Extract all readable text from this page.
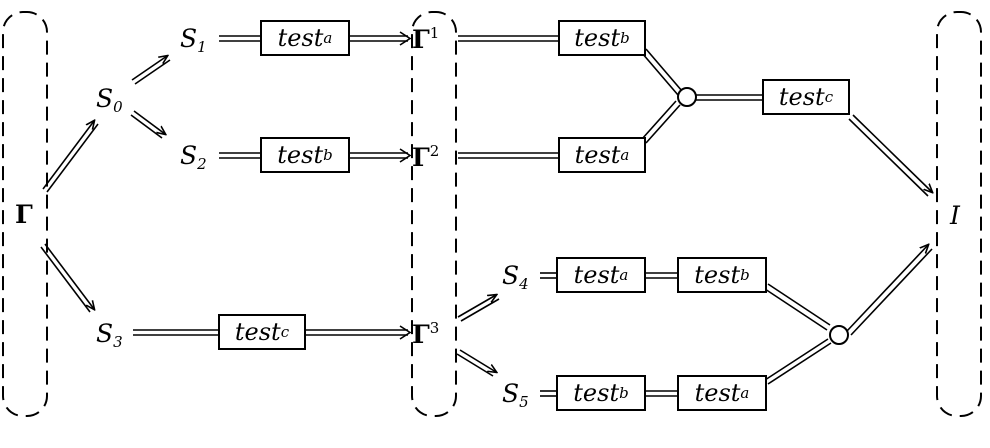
Γ
$\Gamma^1$
$\Gamma^2$
$\Gamma^3$
I
$S_0$
$S_1$
$S_2$
$S_3$
$S_4$
$S_5$
test a
test b
test c
test b
test a
test c
test a	test b
test b	test a
